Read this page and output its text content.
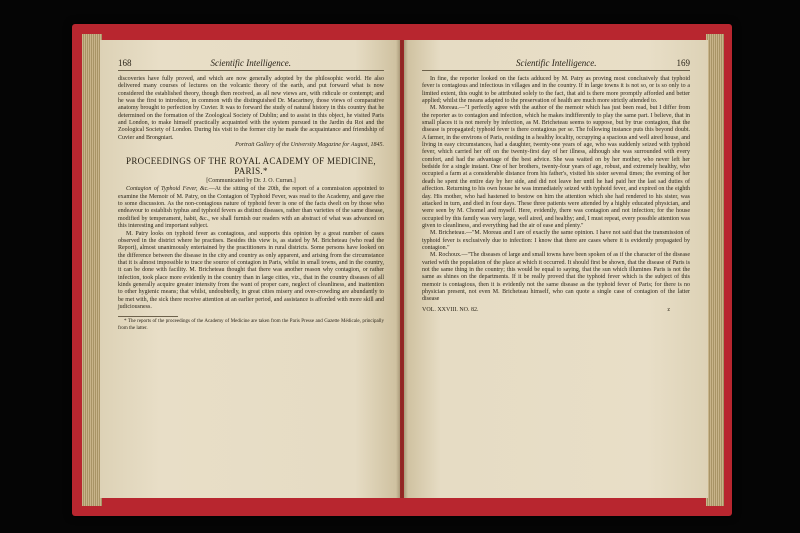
168	Scientific Intelligence.

discoveries have fully proved, and which are now generally adopted by the philosophic world. He also delivered many courses of lectures on the volcanic theory of the earth, and put forward what is now considered the established theory, though then received, as all new views are, with ridicule or contempt; and he was the first to introduce, in common with the distinguished Dr. Macartney, those views of comparative anatomy brought to perfection by Cuvier. It was to forward the study of natural history in this country that he determined on the formation of the Zoological Society of Dublin; and to assist in this object, he visited Paris and London, to make himself practically acquainted with the system pursued in the Jardin du Roi and the Zoological Society of London. During his visit to the former city he made the acquaintance and friendship of Cuvier and Brongniart.

Portrait Gallery of the University Magazine for August, 1845.

PROCEEDINGS OF THE ROYAL ACADEMY OF MEDICINE, PARIS.*
[Communicated by Dr. J. O. Curran.]

Contagion of Typhoid Fever, &c.—At the sitting of the 20th, the report of a commission appointed to examine the Memoir of M. Patry, on the Contagion of Typhoid Fever, was read to the Academy, and gave rise to some discussion. As the non-contagious nature of typhoid fever is one of the facts dwelt on by those who endeavour to establish typhus and typhoid fevers as distinct diseases, rather than varieties of the same disease, modified by temperament, habit, &c., we shall furnish our readers with an abstract of what was advanced on this interesting and important subject.

M. Patry looks on typhoid fever as contagious, and supports this opinion by a great number of cases observed in the district where he practises. Besides this view is, as stated by M. Bricheteau (who read the Report), almost unanimously entertained by the practitioners in rural districts. Some persons have looked on the difference between the disease in the city and country as only apparent, and arising from the circumstance that it is almost impossible to trace the source of contagion in Paris, whilst in small towns, and in the country, it can be done with facility. M. Bricheteau thought that there was another reason why contagion, or rather infection, took place more evidently in the country than in large cities, viz., that in the country diseases of all kinds generally acquire greater intensity from the want of proper care, neglect of cleanliness, and inattention to other hygienic means; that whilst, undoubtedly, in great cities misery and over-crowding are abundantly to be met with, the sick there receive attention at an earlier period, and assistance is afforded with more skill and judiciousness.

* The reports of the proceedings of the Academy of Medicine are taken from the Paris Presse and Gazette Médicale, principally from the latter.
Scientific Intelligence.	169

In fine, the reporter looked on the facts adduced by M. Patry as proving most conclusively that typhoid fever is contagious and infectious in villages and in the country. If in large towns it is not so, or is so only to a limited extent, this ought to be attributed solely to the fact, that aid is there more promptly afforded and better applied; whilst the means adapted to the preservation of health are much more strictly attended to.

M. Moreau.—"I perfectly agree with the author of the memoir which has just been read, but I differ from the reporter as to contagion and infection, which he makes indifferently to play the same part. I believe, that in small places it is not merely by infection, as M. Bricheteau seems to suppose, but by true contagion, that the disease is propagated; typhoid fever is there contagious per se. The following instance puts this beyond doubt. A farmer, in the environs of Paris, residing in a healthy locality, occupying a spacious and well aired house, and living in easy circumstances, had a daughter, twenty-one years of age, who was suddenly seized with typhoid fever, which carried her off on the twenty-first day of her illness, although she was surrounded with every comfort, and had the advantage of the best advice. She was waited on by her mother, who never left her bedside for a single instant. One of her brothers, twenty-four years of age, robust, and extremely healthy, who occupied a farm at a considerable distance from his father's, visited his sister several times; the evening of her death he spent the entire day by her side, and did not leave her until he had paid her the last sad duties of affection. Returning to his own house he was immediately seized with typhoid fever, and expired on the eighth day. His mother, who had hastened to bestow on him the attention which she had rendered to his sister, was attacked in turn, and died in four days. These three patients were attended by a highly educated physician, and were seen by M. Chomel and myself. Here, evidently, there was contagion and not infection; for the house occupied by this family was very large, well aired, and healthy; and, I must repeat, every possible attention was given to cleanliness, and everything had the air of ease and plenty."

M. Bricheteau.—"M. Moreau and I are of exactly the same opinion. I have not said that the transmission of typhoid fever is exclusively due to infection: I know that there are cases where it is evidently propagated by contagion."

M. Rochoux.—"The diseases of large and small towns have been spoken of as if the character of the disease varied with the population of the place at which it occurred. It should first be shown, that the disease of Paris is not the same thing in the country; this would be equal to saying, that the sun which illumines Paris is not the same as shines on the departments. If it be really proved that the typhoid fever which is the subject of this memoir is contagious, then it is evidently not the same disease as the typhoid fever of Paris; for there is no physician present, not even M. Bricheteau himself, who can quote a single case of contagion of the latter disease

VOL. XXVIII. NO. 82.	z
